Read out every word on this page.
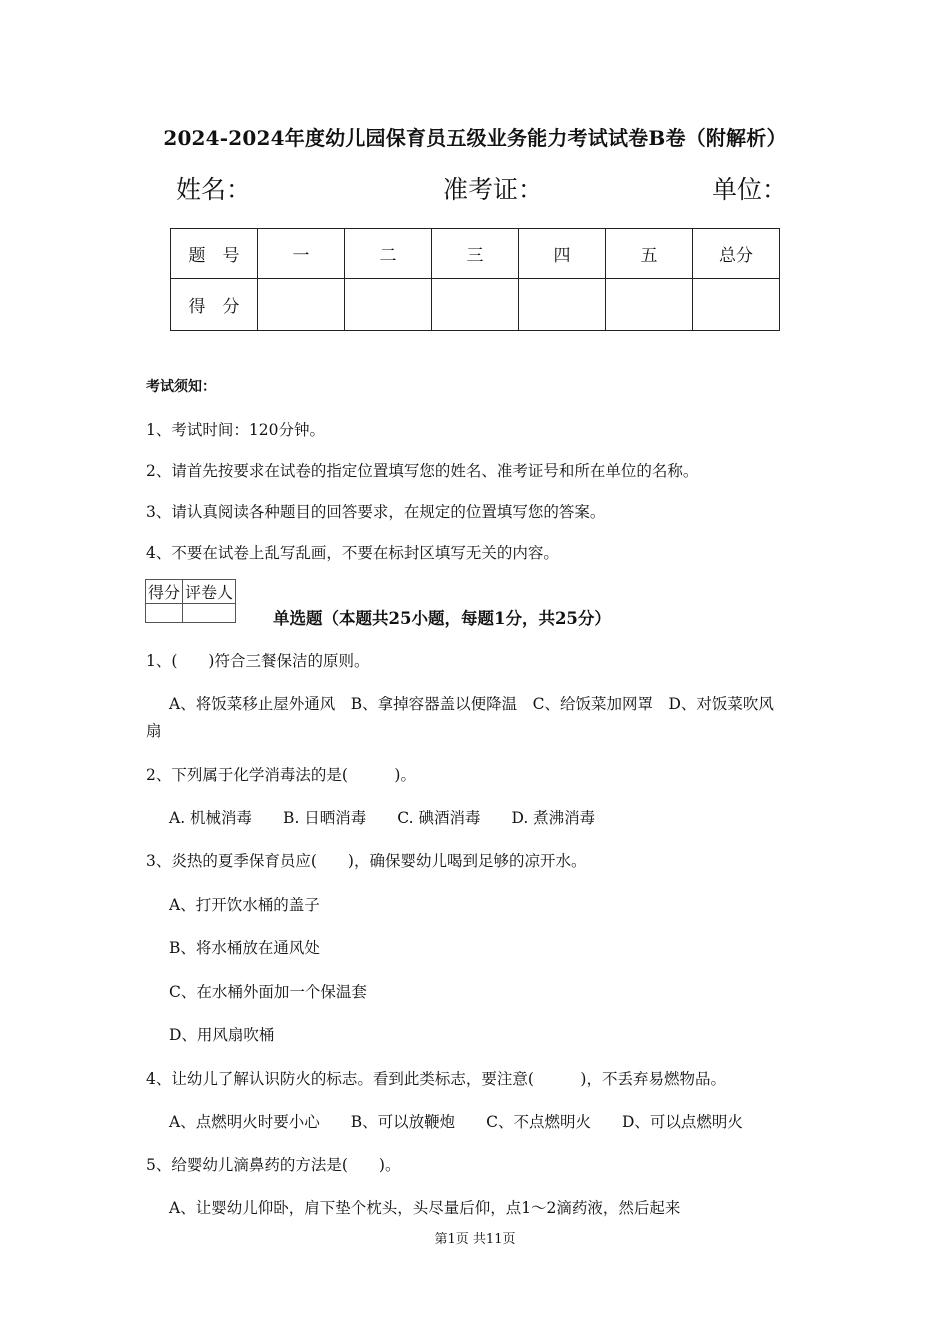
2024-2024年度幼儿园保育员五级业务能力考试试卷B卷（附解析）
姓名：	准考证：	单位：
题　号	一	二	三	四	五	总分
得　分						
考试须知：
1、考试时间：120分钟。
2、请首先按要求在试卷的指定位置填写您的姓名、准考证号和所在单位的名称。
3、请认真阅读各种题目的回答要求，在规定的位置填写您的答案。
4、不要在试卷上乱写乱画，不要在标封区填写无关的内容。
得分	评卷人

单选题（本题共25小题，每题1分，共25分）
1、(　　)符合三餐保洁的原则。
A、将饭菜移止屋外通风　B、拿掉容器盖以便降温　C、给饭菜加网罩　D、对饭菜吹风
扇
2、下列属于化学消毒法的是(　　　)。
A. 机械消毒　　B. 日晒消毒　　C. 碘酒消毒　　D. 煮沸消毒
3、炎热的夏季保育员应(　　)，确保婴幼儿喝到足够的凉开水。
A、打开饮水桶的盖子
B、将水桶放在通风处
C、在水桶外面加一个保温套
D、用风扇吹桶
4、让幼儿了解认识防火的标志。看到此类标志，要注意(　　　)，不丢弃易燃物品。
A、点燃明火时要小心　　B、可以放鞭炮　　C、不点燃明火　　D、可以点燃明火
5、给婴幼儿滴鼻药的方法是(　　)。
A、让婴幼儿仰卧，肩下垫个枕头，头尽量后仰，点1～2滴药液，然后起来
第1页 共11页
